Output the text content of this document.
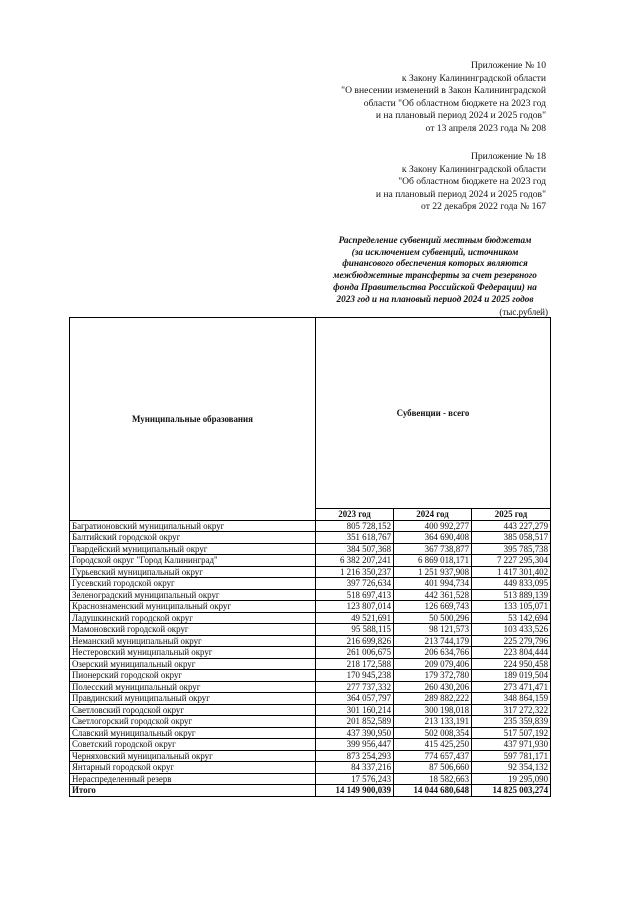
Приложение № 10
к Закону Калининградской области
"О внесении изменений в Закон Калининградской
области "Об областном бюджете на 2023 год
и на плановый период 2024 и 2025 годов"
от 13 апреля 2023 года № 208
Приложение № 18
к Закону Калининградской области
"Об областном бюджете на 2023 год
и на плановый период 2024 и 2025 годов"
от 22 декабря 2022 года № 167
Распределение субвенций местным бюджетам
(за исключением субвенций, источником
финансового обеспечения которых являются
межбюджетные трансферты за счет резервного
фонда Правительства Российской Федерации) на
2023 год и на плановый период 2024 и 2025 годов
(тыс.рублей)
Муниципальные образования	Субвенции - всего		
	2023 год	2024 год	2025 год
Багратионовский муниципальный округ	805 728,152	400 992,277	443 227,279
Балтийский городской округ	351 618,767	364 690,408	385 058,517
Гвардейский муниципальный округ	384 507,368	367 738,877	395 785,738
Городской округ "Город Калининград"	6 382 207,241	6 869 018,171	7 227 295,304
Гурьевский муниципальный округ	1 216 350,237	1 251 937,908	1 417 301,402
Гусевский городской округ	397 726,634	401 994,734	449 833,095
Зеленоградский муниципальный округ	518 697,413	442 361,528	513 889,139
Краснознаменский муниципальный округ	123 807,014	126 669,743	133 105,071
Ладушкинский городской округ	49 521,691	50 500,296	53 142,694
Мамоновский городской округ	95 588,115	98 121,573	103 433,526
Неманский муниципальный округ	216 699,826	213 744,179	225 279,796
Нестеровский муниципальный округ	261 006,675	206 634,766	223 804,444
Озерский муниципальный округ	218 172,588	209 079,406	224 950,458
Пионерский городской округ	170 945,238	179 372,780	189 019,504
Полесский муниципальный округ	277 737,332	260 430,206	273 471,471
Правдинский муниципальный округ	364 057,797	289 882,222	348 864,159
Светловский городской округ	301 160,214	300 198,018	317 272,322
Светлогорский городской округ	201 852,589	213 133,191	235 359,839
Славский муниципальный округ	437 390,950	502 008,354	517 507,192
Советский городской округ	399 956,447	415 425,250	437 971,930
Черняховский муниципальный округ	873 254,293	774 657,437	597 781,171
Янтарный городской округ	84 337,216	87 506,660	92 354,132
Нераспределенный резерв	17 576,243	18 582,663	19 295,090
Итого	14 149 900,039	14 044 680,648	14 825 003,274
